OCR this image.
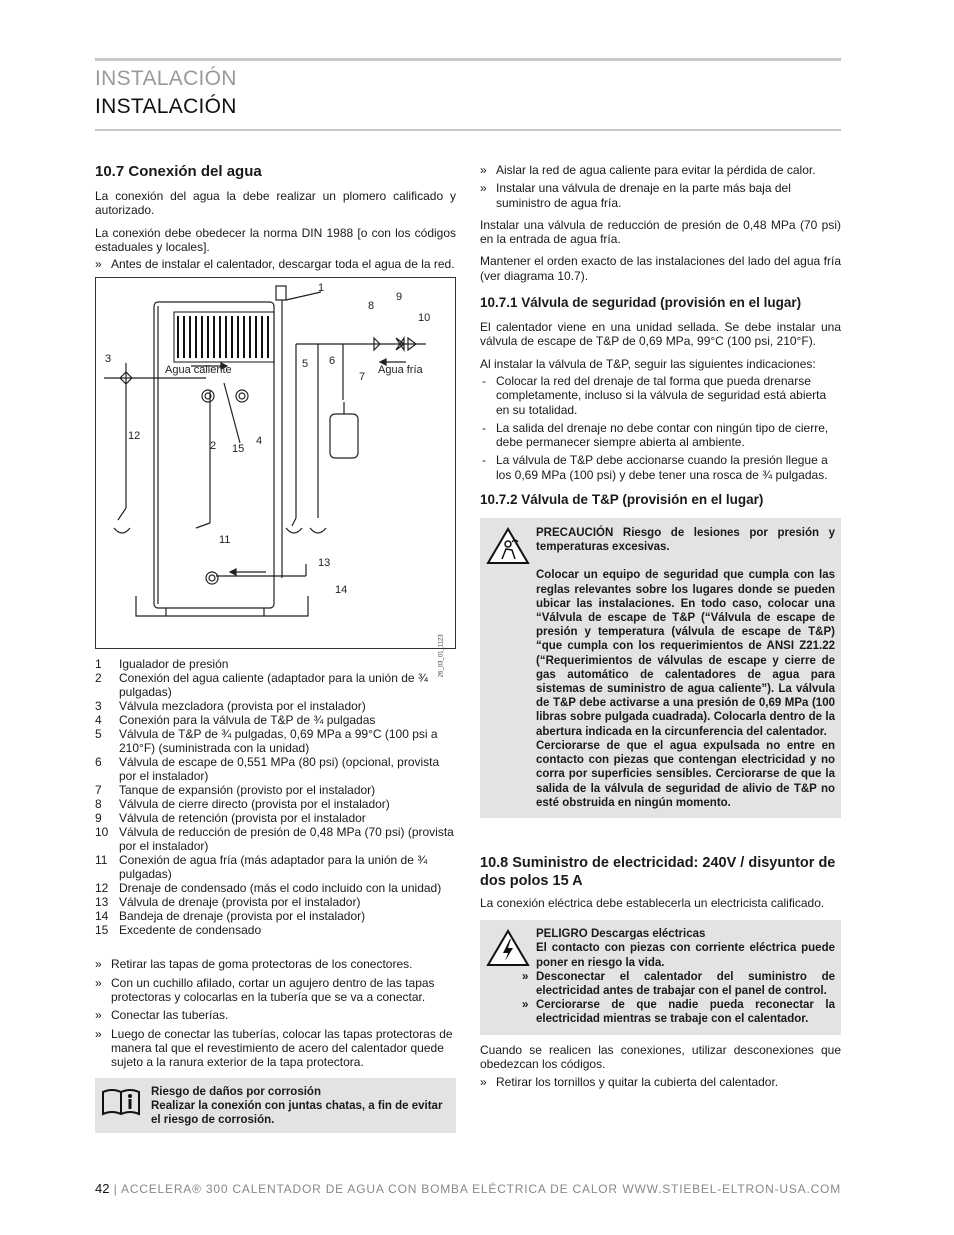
INSTALACIÓN
INSTALACIÓN
10.7 Conexión del agua

La conexión del agua la debe realizar un plomero calificado y autorizado.

La conexión debe obedecer la norma DIN 1988 [o con los códigos estaduales y locales].

» Antes de instalar el calentador, descargar toda el agua de la red.
1
8
9
10
3	5 6
7
12
2 15
4
11
13
14
Agua caliente	Agua fría
26_03_01_1123
1	Igualador de presión
2	Conexión del agua caliente (adaptador para la unión de ¾ pulgadas)
3	Válvula mezcladora (provista por el instalador)
4	Conexión para la válvula de T&P de ¾ pulgadas
5	Válvula de T&P de ¾ pulgadas, 0,69 MPa a 99°C (100 psi a 210°F) (suministrada con la unidad)
6	Válvula de escape de 0,551 MPa (80 psi) (opcional, provista por el instalador)
7	Tanque de expansión (provisto por el instalador)
8	Válvula de cierre directo (provista por el instalador)
9	Válvula de retención (provista por el instalador
10 Válvula de reducción de presión de 0,48 MPa (70 psi) (provista por el instalador)
11 Conexión de agua fría (más adaptador para la unión de ¾ pulgadas)
12 Drenaje de condensado (más el codo incluido con la unidad)
13 Válvula de drenaje (provista por el instalador)
14 Bandeja de drenaje (provista por el instalador)
15 Excedente de condensado
» Retirar las tapas de goma protectoras de los conectores.
» Con un cuchillo afilado, cortar un agujero dentro de las tapas protectoras y colocarlas en la tubería que se va a conectar.
» Conectar las tuberías.
» Luego de conectar las tuberías, colocar las tapas protectoras de manera tal que el revestimiento de acero del calentador quede sujeto a la ranura exterior de la tapa protectora.
Riesgo de daños por corrosión
Realizar la conexión con juntas chatas, a fin de evitar el riesgo de corrosión.
» Aislar la red de agua caliente para evitar la pérdida de calor.
» Instalar una válvula de drenaje en la parte más baja del suministro de agua fría.

Instalar una válvula de reducción de presión de 0,48 MPa (70 psi) en la entrada de agua fría.

Mantener el orden exacto de las instalaciones del lado del agua fría (ver diagrama 10.7).

10.7.1 Válvula de seguridad (provisión en el lugar)

El calentador viene en una unidad sellada. Se debe instalar una válvula de escape de T&P de 0,69 MPa, 99°C (100 psi, 210°F).

Al instalar la válvula de T&P, seguir las siguientes indicaciones:

- Colocar la red del drenaje de tal forma que pueda drenarse completamente, incluso si la válvula de seguridad está abierta en su totalidad.
- La salida del drenaje no debe contar con ningún tipo de cierre, debe permanecer siempre abierta al ambiente.
- La válvula de T&P debe accionarse cuando la presión llegue a los 0,69 MPa (100 psi) y debe tener una rosca de ¾ pulgadas.
10.7.2 Válvula de T&P (provisión en el lugar)
PRECAUCIÓN Riesgo de lesiones por presión y temperaturas excesivas.
Colocar un equipo de seguridad que cumpla con las reglas relevantes sobre los lugares donde se pueden ubicar las instalaciones. En todo caso, colocar una “Válvula de escape de T&P (“Válvula de escape de presión y temperatura (válvula de escape de T&P) “que cumpla con los requerimientos de ANSI Z21.22 (“Requerimientos de válvulas de escape y cierre de gas automático de calentadores de agua para sistemas de suministro de agua caliente”). La válvula de T&P debe activarse a una presión de 0,69 MPa (100 libras sobre pulgada cuadrada). Colocarla dentro de la abertura indicada en la circunferencia del calentador.
Cerciorarse de que el agua expulsada no entre en contacto con piezas que contengan electricidad y no corra por superficies sensibles. Cerciorarse de que la salida de la válvula de seguridad de alivio de T&P no esté obstruida en ningún momento.
10.8 Suministro de electricidad: 240V / disyuntor de dos polos 15 A

La conexión eléctrica debe establecerla un electricista calificado.

PELIGRO Descargas eléctricas
El contacto con piezas con corriente eléctrica puede poner en riesgo la vida.
» Desconectar el calentador del suministro de electricidad antes de trabajar con el panel de control.
» Cerciorarse de que nadie pueda reconectar la electricidad mientras se trabaje con el calentador.

Cuando se realicen las conexiones, utilizar desconexiones que obedezcan los códigos.

» Retirar los tornillos y quitar la cubierta del calentador.
42 | ACCELERA® 300 CALENTADOR DE AGUA CON BOMBA ELÉCTRICA DE CALOR WWW.STIEBEL-ELTRON-USA.COM
